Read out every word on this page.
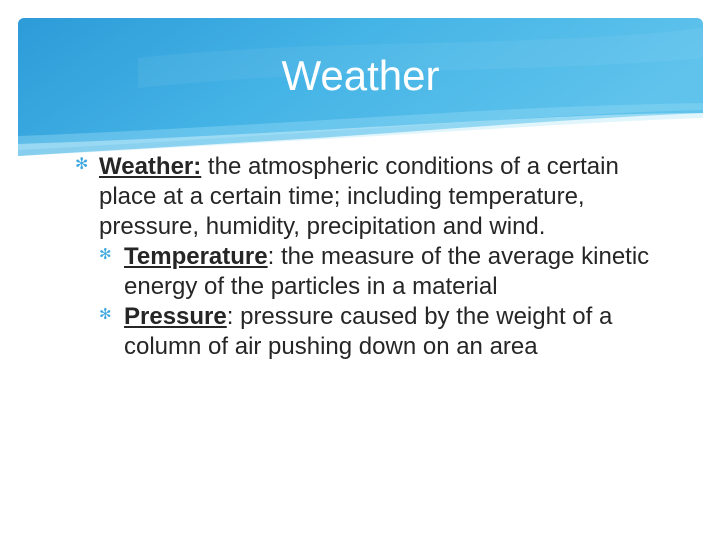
Weather
✻ Weather: the atmospheric conditions of a certain place at a certain time; including temperature, pressure, humidity, precipitation and wind.
✻ Temperature: the measure of the average kinetic energy of the particles in a material
✻ Pressure: pressure caused by the weight of a column of air pushing down on an area
